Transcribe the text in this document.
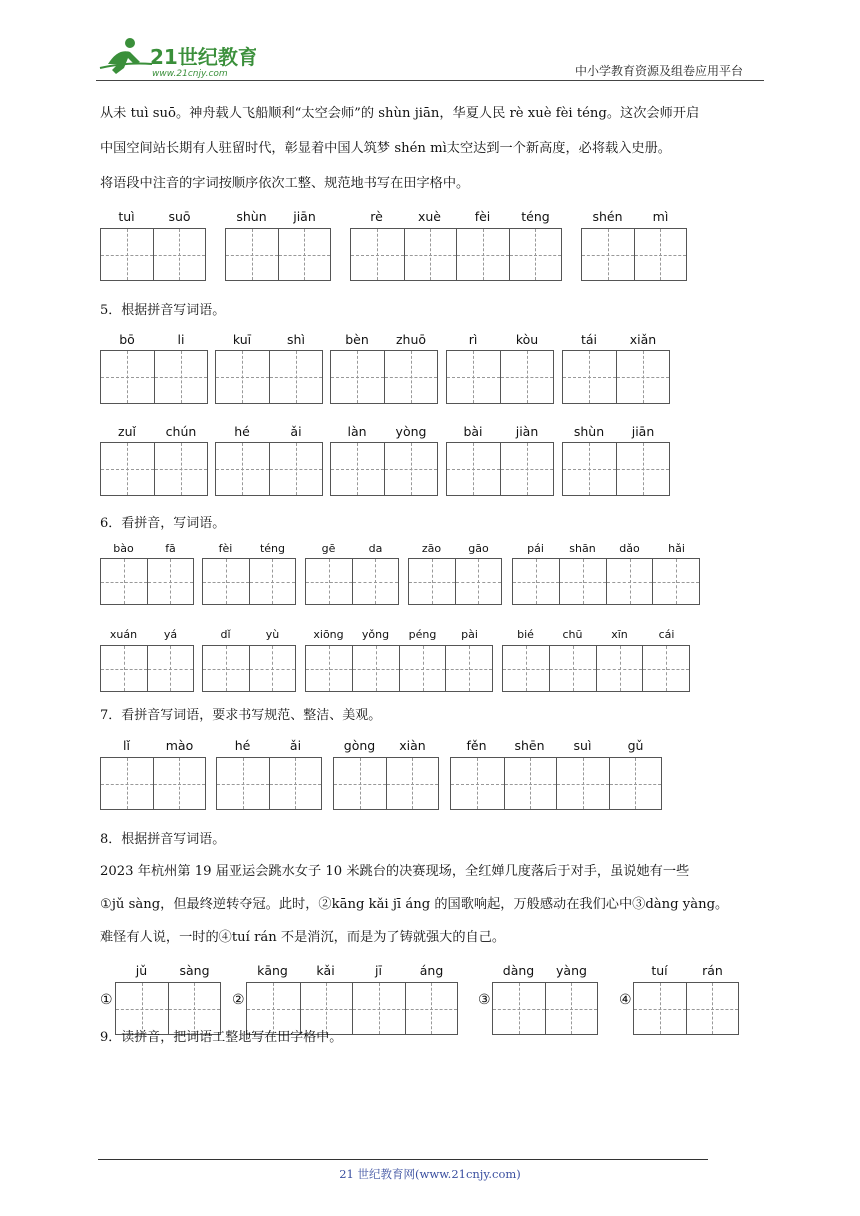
21世纪教育
www.21cnjy.com	中小学教育资源及组卷应用平台
从未 tuì suō。神舟载人飞船顺利“太空会师”的 shùn jiān，华夏人民 rè xuè fèi téng。这次会师开启
中国空间站长期有人驻留时代，彰显着中国人筑梦 shén mì太空达到一个新高度，必将载入史册。
将语段中注音的字词按顺序依次工整、规范地书写在田字格中。
tuì	suō	shùn	jiān	rè	xuè	fèi	téng	shén	mì
bō	li	kuī	shì	bèn	zhuō	rì	kòu	tái	xiǎn
zuǐ	chún	hé	ǎi	làn	yòng	bài	jiàn	shùn	jiān
bào	fā	fèi	téng	gē	da	zāo	gāo	pái	shān	dǎo	hǎi
xuán	yá	dǐ	yù	xiōng	yǒng	péng	pài	bié	chū	xīn	cái
lǐ	mào	hé	ǎi	gòng	xiàn	fěn	shēn	suì	gǔ
jǔ	sàng	kāng	kǎi	jī	áng	dàng	yàng	tuí	rán
①	②	③	④
5．根据拼音写词语。
6．看拼音，写词语。
7．看拼音写词语，要求书写规范、整洁、美观。
8．根据拼音写词语。
2023 年杭州第 19 届亚运会跳水女子 10 米跳台的决赛现场，全红婵几度落后于对手，虽说她有一些
①jǔ sàng，但最终逆转夺冠。此时，②kāng kǎi jī áng 的国歌响起，万般感动在我们心中③dàng yàng。
难怪有人说，一时的④tuí rán 不是消沉，而是为了铸就强大的自己。
9．读拼音，把词语工整地写在田字格中。
21 世纪教育网(www.21cnjy.com)
